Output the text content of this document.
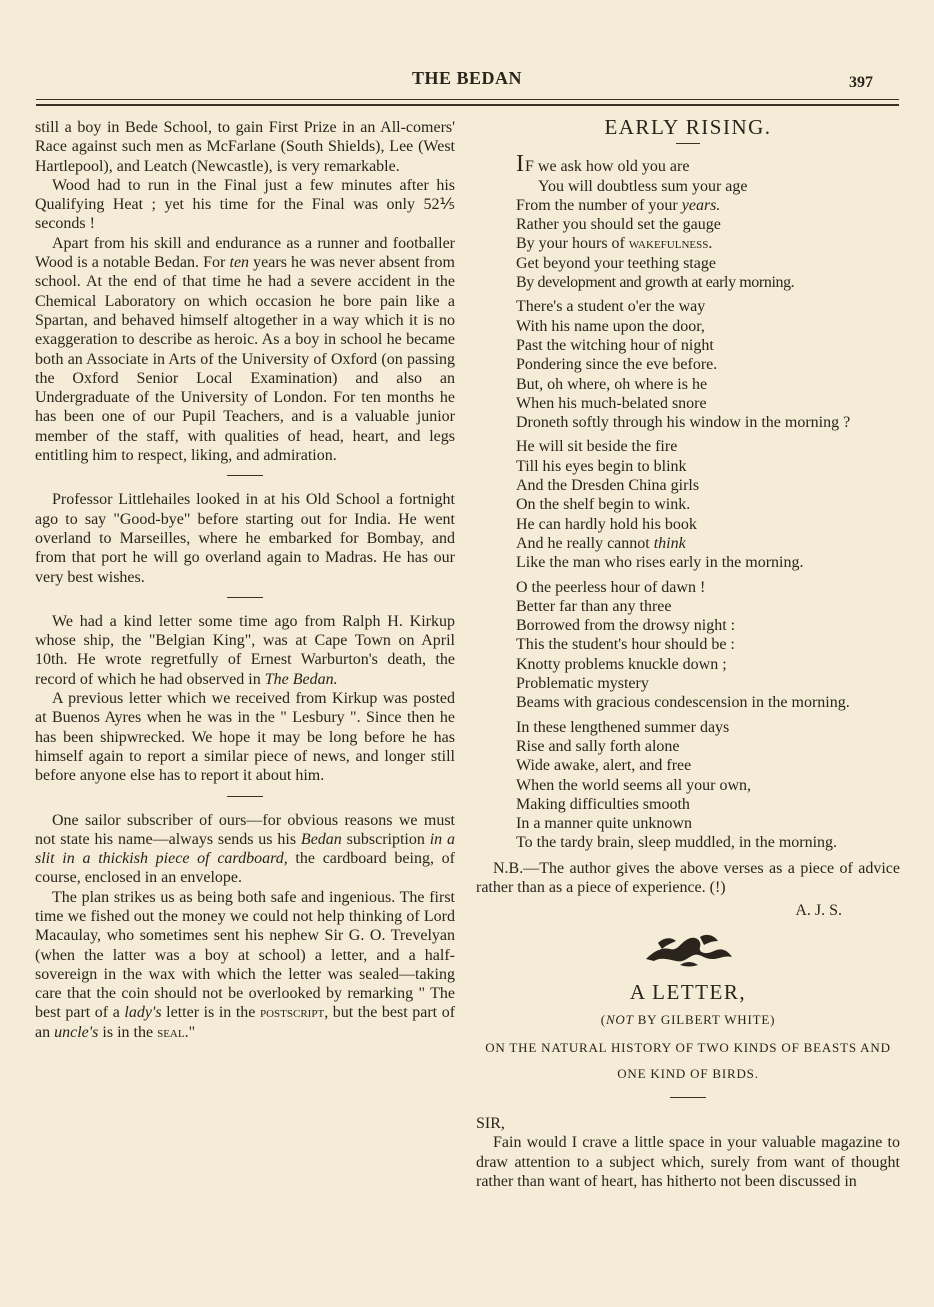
THE BEDAN	397

still a boy in Bede School, to gain First Prize in an All-comers' Race against such men as McFarlane (South Shields), Lee (West Hartlepool), and Leatch (Newcastle), is very remarkable.

Wood had to run in the Final just a few minutes after his Qualifying Heat ; yet his time for the Final was only 52⅕ seconds !

Apart from his skill and endurance as a runner and footballer Wood is a notable Bedan. For ten years he was never absent from school. At the end of that time he had a severe accident in the Chemical Laboratory on which occasion he bore pain like a Spartan, and behaved himself altogether in a way which it is no exaggeration to describe as heroic. As a boy in school he became both an Associate in Arts of the University of Oxford (on passing the Oxford Senior Local Examination) and also an Undergraduate of the University of London. For ten months he has been one of our Pupil Teachers, and is a valuable junior member of the staff, with qualities of head, heart, and legs entitling him to respect, liking, and admiration.

Professor Littlehailes looked in at his Old School a fortnight ago to say "Good-bye" before starting out for India. He went overland to Marseilles, where he embarked for Bombay, and from that port he will go overland again to Madras. He has our very best wishes.

We had a kind letter some time ago from Ralph H. Kirkup whose ship, the "Belgian King", was at Cape Town on April 10th. He wrote regretfully of Ernest Warburton's death, the record of which he had observed in The Bedan.

A previous letter which we received from Kirkup was posted at Buenos Ayres when he was in the " Lesbury ". Since then he has been shipwrecked. We hope it may be long before he has himself again to report a similar piece of news, and longer still before anyone else has to report it about him.

One sailor subscriber of ours—for obvious reasons we must not state his name—always sends us his Bedan subscription in a slit in a thickish piece of cardboard, the cardboard being, of course, enclosed in an envelope.

The plan strikes us as being both safe and ingenious. The first time we fished out the money we could not help thinking of Lord Macaulay, who sometimes sent his nephew Sir G. O. Trevelyan (when the latter was a boy at school) a letter, and a half-sovereign in the wax with which the letter was sealed—taking care that the coin should not be overlooked by remarking " The best part of a lady's letter is in the postscript, but the best part of an uncle's is in the seal."

EARLY RISING.
IF we ask how old you are
You will doubtless sum your age
From the number of your years.
Rather you should set the gauge
By your hours of wakefulness.
Get beyond your teething stage
By development and growth at early morning.
There's a student o'er the way
With his name upon the door,
Past the witching hour of night
Pondering since the eve before.
But, oh where, oh where is he
When his much-belated snore
Droneth softly through his window in the morning ?
He will sit beside the fire
Till his eyes begin to blink
And the Dresden China girls
On the shelf begin to wink.
He can hardly hold his book
And he really cannot think
Like the man who rises early in the morning.
O the peerless hour of dawn !
Better far than any three
Borrowed from the drowsy night :
This the student's hour should be :
Knotty problems knuckle down ;
Problematic mystery
Beams with gracious condescension in the morning.
In these lengthened summer days
Rise and sally forth alone
Wide awake, alert, and free
When the world seems all your own,
Making difficulties smooth
In a manner quite unknown
To the tardy brain, sleep muddled, in the morning.

N.B.—The author gives the above verses as a piece of advice rather than as a piece of experience. (!)

A. J. S.
A LETTER,
(NOT BY GILBERT WHITE)
ON THE NATURAL HISTORY OF TWO KINDS OF BEASTS AND ONE KIND OF BIRDS.

SIR,

Fain would I crave a little space in your valuable magazine to draw attention to a subject which, surely from want of thought rather than want of heart, has hitherto not been discussed in
